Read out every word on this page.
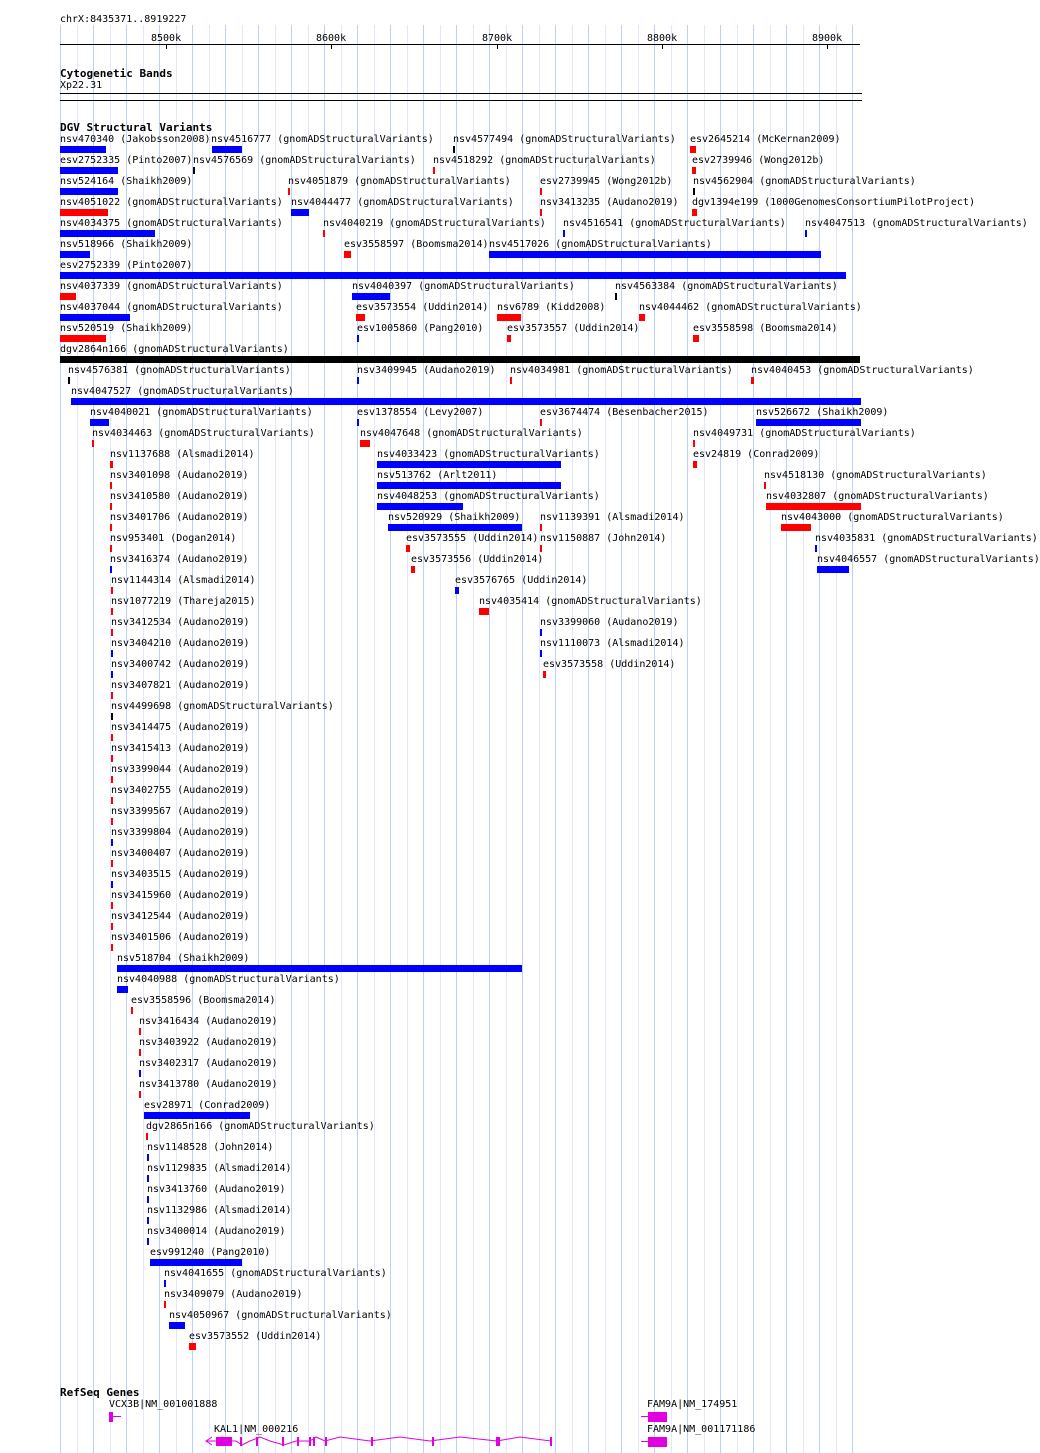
chrX:8435371..8919227
8500k	8600k	8700k	8800k	8900k
Cytogenetic Bands
Xp22.31
DGV Structural Variants
nsv470340 (Jakobsson2008) nsv4516777 (gnomADStructuralVariants) nsv4577494 (gnomADStructuralVariants) esv2645214 (McKernan2009)
esv2752335 (Pinto2007) nsv4576569 (gnomADStructuralVariants) nsv4518292 (gnomADStructuralVariants)	esv2739946 (Wong2012b)
nsv524164 (Shaikh2009)	nsv4051879 (gnomADStructuralVariants)	esv2739945 (Wong2012b) nsv4562904 (gnomADStructuralVariants)
nsv4051022 (gnomADStructuralVariants) nsv4044477 (gnomADStructuralVariants)	nsv3413235 (Audano2019) dgv1394e199 (1000GenomesConsortiumPilotProject)
nsv4034375 (gnomADStructuralVariants)	nsv4040219 (gnomADStructuralVariants) nsv4516541 (gnomADStructuralVariants) nsv4047513 (gnomADStructuralVariants)
nsv518966 (Shaikh2009)	esv3558597 (Boomsma2014) nsv4517026 (gnomADStructuralVariants)
esv2752339 (Pinto2007)
nsv4037339 (gnomADStructuralVariants)	nsv4040397 (gnomADStructuralVariants)	nsv4563384 (gnomADStructuralVariants)
nsv4037044 (gnomADStructuralVariants)	esv3573554 (Uddin2014) nsv6789 (Kidd2008)	nsv4044462 (gnomADStructuralVariants)
nsv520519 (Shaikh2009)	esv1005860 (Pang2010) esv3573557 (Uddin2014)	esv3558598 (Boomsma2014)
dgv2864n166 (gnomADStructuralVariants)
nsv4576381 (gnomADStructuralVariants)	nsv3409945 (Audano2019) nsv4034981 (gnomADStructuralVariants) nsv4040453 (gnomADStructuralVariants)
nsv4047527 (gnomADStructuralVariants)
nsv4040021 (gnomADStructuralVariants)	esv1378554 (Levy2007)	esv3674474 (Besenbacher2015)	nsv526672 (Shaikh2009)
nsv4034463 (gnomADStructuralVariants)	nsv4047648 (gnomADStructuralVariants)	nsv4049731 (gnomADStructuralVariants)
nsv1137688 (Alsmadi2014)	nsv4033423 (gnomADStructuralVariants)	esv24819 (Conrad2009)
nsv3401098 (Audano2019)	nsv513762 (Arlt2011)	nsv4518130 (gnomADStructuralVariants)
nsv3410580 (Audano2019)	nsv4048253 (gnomADStructuralVariants)	nsv4032807 (gnomADStructuralVariants)
nsv3401706 (Audano2019)	nsv520929 (Shaikh2009) nsv1139391 (Alsmadi2014)	nsv4043000 (gnomADStructuralVariants)
nsv953401 (Dogan2014)	esv3573555 (Uddin2014) nsv1150887 (John2014)	nsv4035831 (gnomADStructuralVariants)
nsv3416374 (Audano2019)	esv3573556 (Uddin2014)	nsv4046557 (gnomADStructuralVariants)
nsv1144314 (Alsmadi2014)	esv3576765 (Uddin2014)
nsv1077219 (Thareja2015)	nsv4035414 (gnomADStructuralVariants)
nsv3412534 (Audano2019)	nsv3399060 (Audano2019)
nsv3404210 (Audano2019)	nsv1110073 (Alsmadi2014)
nsv3400742 (Audano2019)	esv3573558 (Uddin2014)
nsv3407821 (Audano2019)
nsv4499698 (gnomADStructuralVariants)
nsv3414475 (Audano2019)
nsv3415413 (Audano2019)
nsv3399044 (Audano2019)
nsv3402755 (Audano2019)
nsv3399567 (Audano2019)
nsv3399804 (Audano2019)
nsv3400407 (Audano2019)
nsv3403515 (Audano2019)
nsv3415960 (Audano2019)
nsv3412544 (Audano2019)
nsv3401506 (Audano2019)
nsv518704 (Shaikh2009)
nsv4040988 (gnomADStructuralVariants)
esv3558596 (Boomsma2014)
nsv3416434 (Audano2019)
nsv3403922 (Audano2019)
nsv3402317 (Audano2019)
nsv3413780 (Audano2019)
esv28971 (Conrad2009)
dgv2865n166 (gnomADStructuralVariants)
nsv1148528 (John2014)
nsv1129835 (Alsmadi2014)
nsv3413760 (Audano2019)
nsv1132986 (Alsmadi2014)
nsv3400014 (Audano2019)
esv991240 (Pang2010)
nsv4041655 (gnomADStructuralVariants)
nsv3409079 (Audano2019)
nsv4050967 (gnomADStructuralVariants)
esv3573552 (Uddin2014)
RefSeq Genes
VCX3B|NM_001001888
KAL1|NM_000216
FAM9A|NM_174951
FAM9A|NM_001171186
